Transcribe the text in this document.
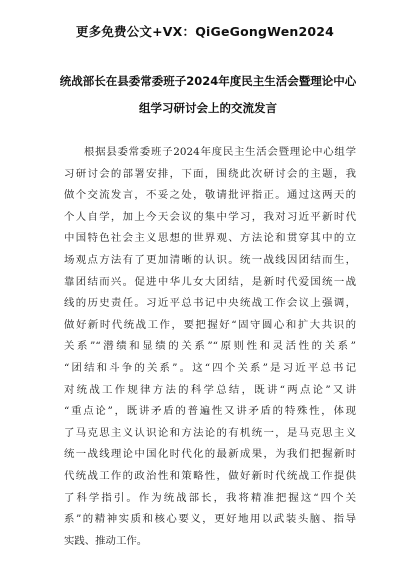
更多免费公文+VX：QiGeGongWen2024
统战部长在县委常委班子2024年度民主生活会暨理论中心
组学习研讨会上的交流发言
根据县委常委班子2024年度民主生活会暨理论中心组学
习研讨会的部署安排，下面，围绕此次研讨会的主题，我
做个交流发言，不妥之处，敬请批评指正。通过这两天的
个人自学，加上今天会议的集中学习，我对习近平新时代
中国特色社会主义思想的世界观、方法论和贯穿其中的立
场观点方法有了更加清晰的认识。统一战线因团结而生，
靠团结而兴。促进中华儿女大团结，是新时代爱国统一战
线的历史责任。习近平总书记中央统战工作会议上强调，
做好新时代统战工作，要把握好“固守圆心和扩大共识的
关系”“潜绩和显绩的关系”“原则性和灵活性的关系”
“团结和斗争的关系”。这“四个关系”是习近平总书记
对统战工作规律方法的科学总结，既讲“两点论”又讲
“重点论”，既讲矛盾的普遍性又讲矛盾的特殊性，体现
了马克思主义认识论和方法论的有机统一，是马克思主义
统一战线理论中国化时代化的最新成果，为我们把握新时
代统战工作的政治性和策略性，做好新时代统战工作提供
了科学指引。作为统战部长，我将精准把握这“四个关
系”的精神实质和核心要义，更好地用以武装头脑、指导
实践、推动工作。
